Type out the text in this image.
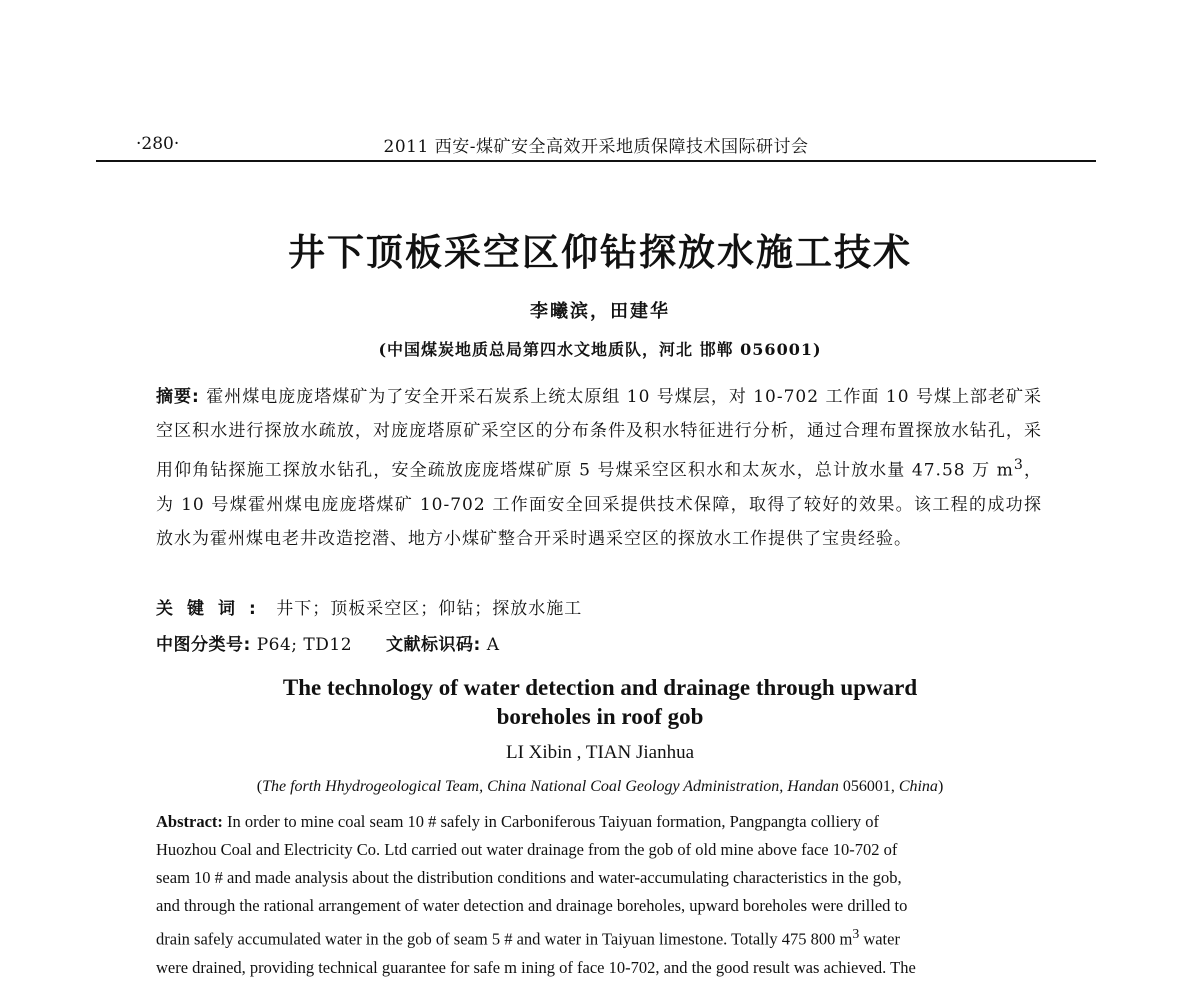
·280·	2011 西安-煤矿安全高效开采地质保障技术国际研讨会
井下顶板采空区仰钻探放水施工技术
李曦滨，田建华
(中国煤炭地质总局第四水文地质队，河北 邯郸 056001)
摘要: 霍州煤电庞庞塔煤矿为了安全开采石炭系上统太原组 10 号煤层，对 10-702 工作面 10 号煤上部老矿采空区积水进行探放水疏放，对庞庞塔原矿采空区的分布条件及积水特征进行分析，通过合理布置探放水钻孔，采用仰角钻探施工探放水钻孔，安全疏放庞庞塔煤矿原 5 号煤采空区积水和太灰水，总计放水量 47.58 万 $m^3$，为 10 号煤霍州煤电庞庞塔煤矿 10-702 工作面安全回采提供技术保障，取得了较好的效果。该工程的成功探放水为霍州煤电老井改造挖潜、地方小煤矿整合开采时遇采空区的探放水工作提供了宝贵经验。
关键词: 井下；顶板采空区；仰钻；探放水施工
中图分类号: P64; TD12 文献标识码: A
The technology of water detection and drainage through upward
boreholes in roof gob
LI Xibin , TIAN Jianhua
(The forth Hhydrogeological Team, China National Coal Geology Administration, Handan 056001, China)
Abstract: In order to mine coal seam 10 # safely in Carboniferous Taiyuan formation, Pangpangta colliery of
Huozhou Coal and Electricity Co. Ltd carried out water drainage from the gob of old mine above face 10-702 of
seam 10 # and made analysis about the distribution conditions and water-accumulating characteristics in the gob,
and through the rational arrangement of water detection and drainage boreholes, upward boreholes were drilled to
drain safely accumulated water in the gob of seam 5 # and water in Taiyuan limestone. Totally 475 800 $m^3$ water
were drained, providing technical guarantee for safe m ining of face 10-702, and the good result was achieved. The
